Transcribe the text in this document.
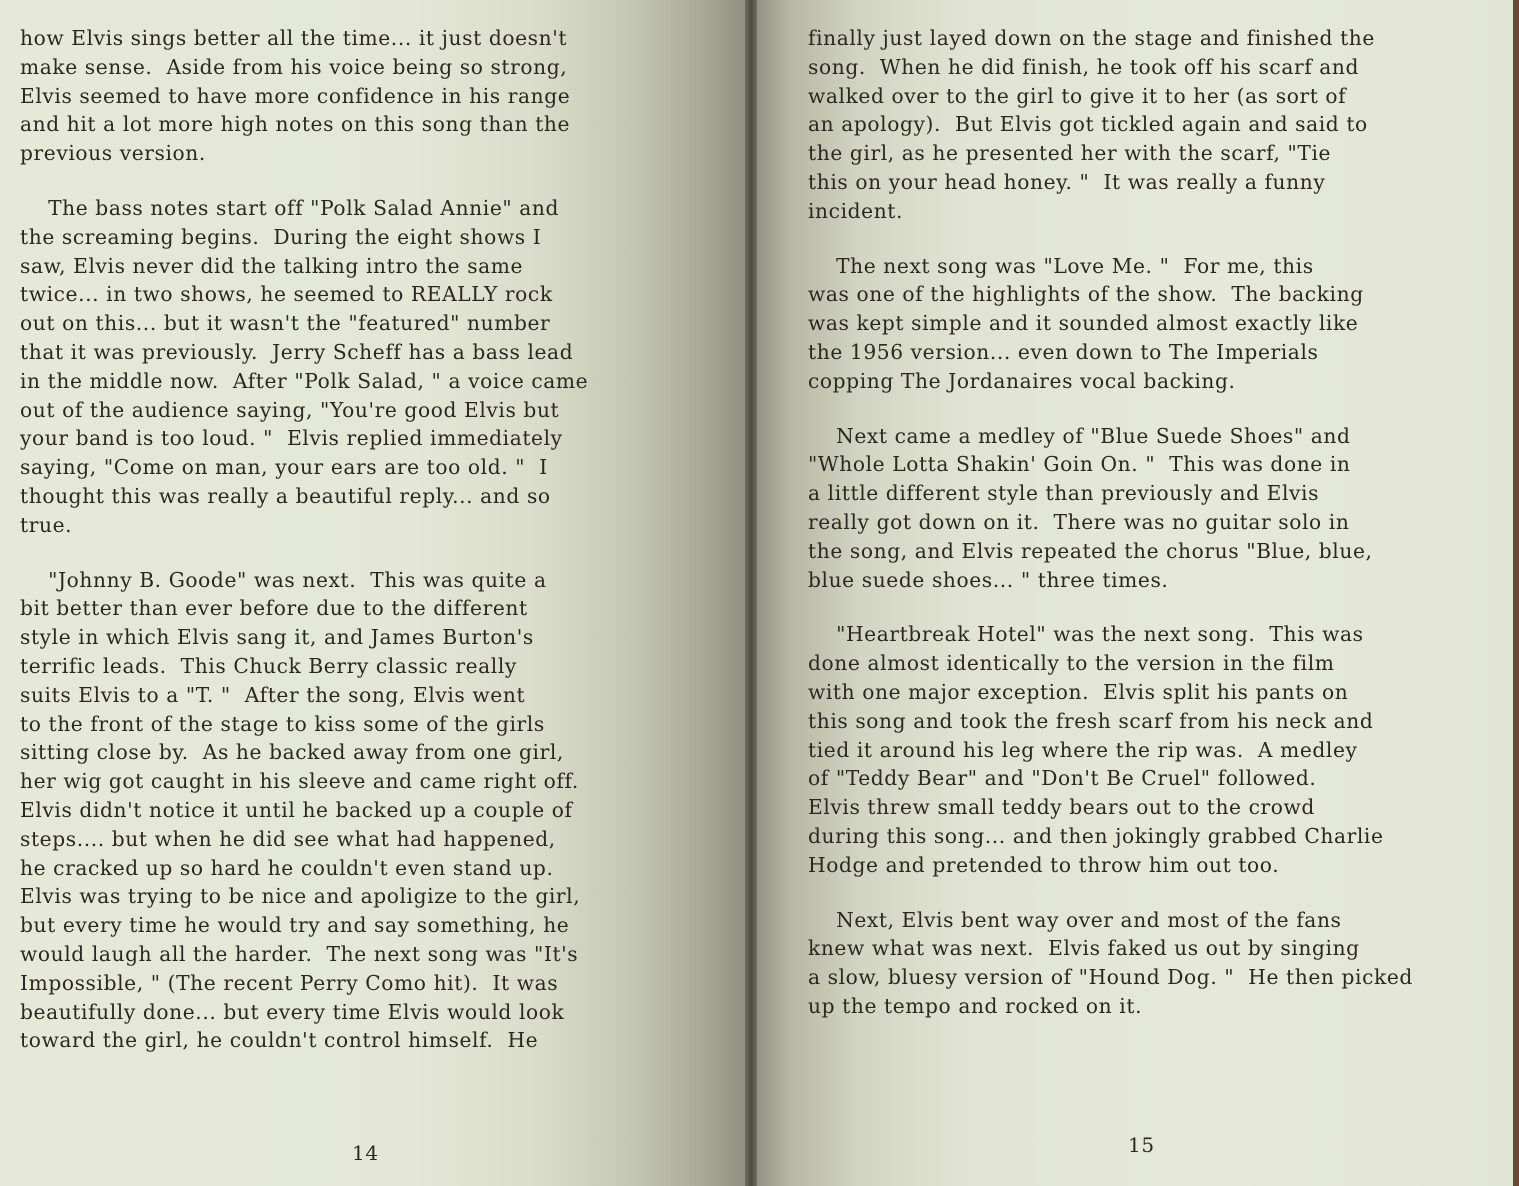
how Elvis sings better all the time... it just doesn't
make sense.  Aside from his voice being so strong,
Elvis seemed to have more confidence in his range
and hit a lot more high notes on this song than the
previous version.
The bass notes start off "Polk Salad Annie" and
the screaming begins.  During the eight shows I
saw, Elvis never did the talking intro the same
twice... in two shows, he seemed to REALLY rock
out on this... but it wasn't the "featured" number
that it was previously.  Jerry Scheff has a bass lead
in the middle now.  After "Polk Salad, " a voice came
out of the audience saying, "You're good Elvis but
your band is too loud. "  Elvis replied immediately
saying, "Come on man, your ears are too old. "  I
thought this was really a beautiful reply... and so
true.
"Johnny B. Goode" was next.  This was quite a
bit better than ever before due to the different
style in which Elvis sang it, and James Burton's
terrific leads.  This Chuck Berry classic really
suits Elvis to a "T. "  After the song, Elvis went
to the front of the stage to kiss some of the girls
sitting close by.  As he backed away from one girl,
her wig got caught in his sleeve and came right off.
Elvis didn't notice it until he backed up a couple of
steps.... but when he did see what had happened,
he cracked up so hard he couldn't even stand up.
Elvis was trying to be nice and apoligize to the girl,
but every time he would try and say something, he
would laugh all the harder.  The next song was "It's
Impossible, " (The recent Perry Como hit).  It was
beautifully done... but every time Elvis would look
toward the girl, he couldn't control himself.  He
14
finally just layed down on the stage and finished the
song.  When he did finish, he took off his scarf and
walked over to the girl to give it to her (as sort of
an apology).  But Elvis got tickled again and said to
the girl, as he presented her with the scarf, "Tie
this on your head honey. "  It was really a funny
incident.
The next song was "Love Me. "  For me, this
was one of the highlights of the show.  The backing
was kept simple and it sounded almost exactly like
the 1956 version... even down to The Imperials
copping The Jordanaires vocal backing.
Next came a medley of "Blue Suede Shoes" and
"Whole Lotta Shakin' Goin On. "  This was done in
a little different style than previously and Elvis
really got down on it.  There was no guitar solo in
the song, and Elvis repeated the chorus "Blue, blue,
blue suede shoes... " three times.
"Heartbreak Hotel" was the next song.  This was
done almost identically to the version in the film
with one major exception.  Elvis split his pants on
this song and took the fresh scarf from his neck and
tied it around his leg where the rip was.  A medley
of "Teddy Bear" and "Don't Be Cruel" followed.
Elvis threw small teddy bears out to the crowd
during this song... and then jokingly grabbed Charlie
Hodge and pretended to throw him out too.
Next, Elvis bent way over and most of the fans
knew what was next.  Elvis faked us out by singing
a slow, bluesy version of "Hound Dog. "  He then picked
up the tempo and rocked on it.
15
